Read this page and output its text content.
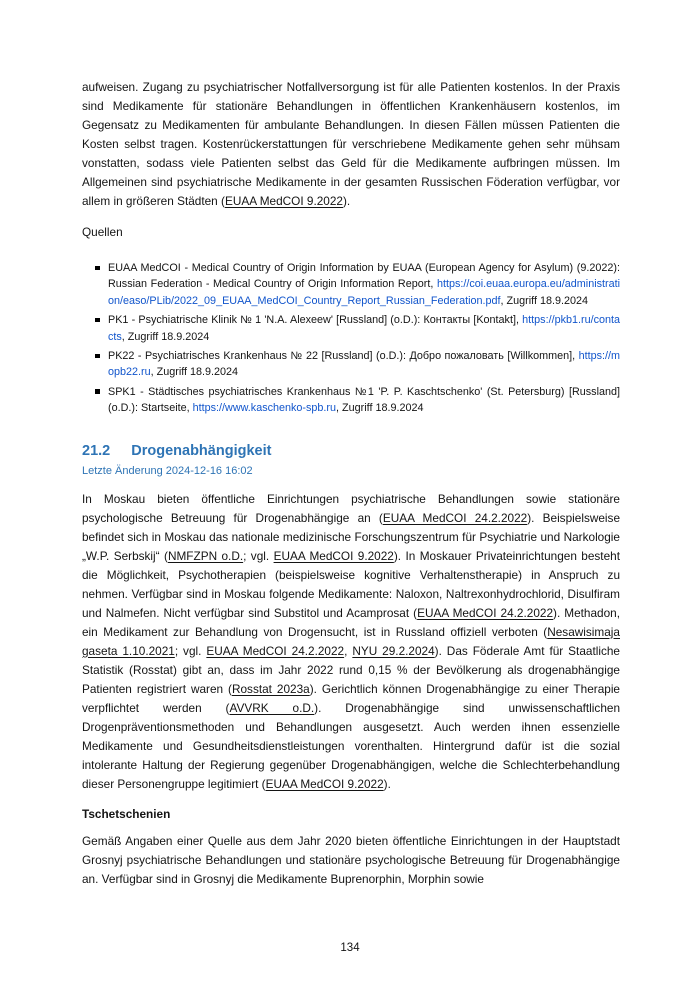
aufweisen. Zugang zu psychiatrischer Notfallversorgung ist für alle Patienten kostenlos. In der Praxis sind Medikamente für stationäre Behandlungen in öffentlichen Krankenhäusern kostenlos, im Gegensatz zu Medikamenten für ambulante Behandlungen. In diesen Fällen müssen Patienten die Kosten selbst tragen. Kostenrückerstattungen für verschriebene Medikamente gehen sehr mühsam vonstatten, sodass viele Patienten selbst das Geld für die Medikamente aufbringen müssen. Im Allgemeinen sind psychiatrische Medikamente in der gesamten Russischen Föderation verfügbar, vor allem in größeren Städten (EUAA MedCOI 9.2022).

Quellen

EUAA MedCOI - Medical Country of Origin Information by EUAA (European Agency for Asylum) (9.2022): Russian Federation - Medical Country of Origin Information Report, https://coi.euaa.europa.eu/administration/easo/PLib/2022_09_EUAA_MedCOI_Country_Report_Russian_Federation.pdf, Zugriff 18.9.2024
PK1 - Psychiatrische Klinik № 1 'N.A. Alexeew' [Russland] (o.D.): Контакты [Kontakt], https://pkb1.ru/contacts, Zugriff 18.9.2024
PK22 - Psychiatrisches Krankenhaus № 22 [Russland] (o.D.): Добро пожаловать [Willkommen], https://mopb22.ru, Zugriff 18.9.2024
SPK1 - Städtisches psychiatrisches Krankenhaus №1 'P. P. Kaschtschenko' (St. Petersburg) [Russland] (o.D.): Startseite, https://www.kaschenko-spb.ru, Zugriff 18.9.2024
21.2 Drogenabhängigkeit

Letzte Änderung 2024-12-16 16:02

In Moskau bieten öffentliche Einrichtungen psychiatrische Behandlungen sowie stationäre psychologische Betreuung für Drogenabhängige an (EUAA MedCOI 24.2.2022). Beispielsweise befindet sich in Moskau das nationale medizinische Forschungszentrum für Psychiatrie und Narkologie „W.P. Serbskij“ (NMFZPN o.D.; vgl. EUAA MedCOI 9.2022). In Moskauer Privateinrichtungen besteht die Möglichkeit, Psychotherapien (beispielsweise kognitive Verhaltenstherapie) in Anspruch zu nehmen. Verfügbar sind in Moskau folgende Medikamente: Naloxon, Naltrexonhydrochlorid, Disulfiram und Nalmefen. Nicht verfügbar sind Substitol und Acamprosat (EUAA MedCOI 24.2.2022). Methadon, ein Medikament zur Behandlung von Drogensucht, ist in Russland offiziell verboten (Nesawisimaja gaseta 1.10.2021; vgl. EUAA MedCOI 24.2.2022, NYU 29.2.2024). Das Föderale Amt für Staatliche Statistik (Rosstat) gibt an, dass im Jahr 2022 rund 0,15 % der Bevölkerung als drogenabhängige Patienten registriert waren (Rosstat 2023a). Gerichtlich können Drogenabhängige zu einer Therapie verpflichtet werden (AVVRK o.D.). Drogenabhängige sind unwissenschaftlichen Drogenpräventionsmethoden und Behandlungen ausgesetzt. Auch werden ihnen essenzielle Medikamente und Gesundheitsdienstleistungen vorenthalten. Hintergrund dafür ist die sozial intolerante Haltung der Regierung gegenüber Drogenabhängigen, welche die Schlechterbehandlung dieser Personengruppe legitimiert (EUAA MedCOI 9.2022).

Tschetschenien

Gemäß Angaben einer Quelle aus dem Jahr 2020 bieten öffentliche Einrichtungen in der Hauptstadt Grosnyj psychiatrische Behandlungen und stationäre psychologische Betreuung für Drogenabhängige an. Verfügbar sind in Grosnyj die Medikamente Buprenorphin, Morphin sowie

134
